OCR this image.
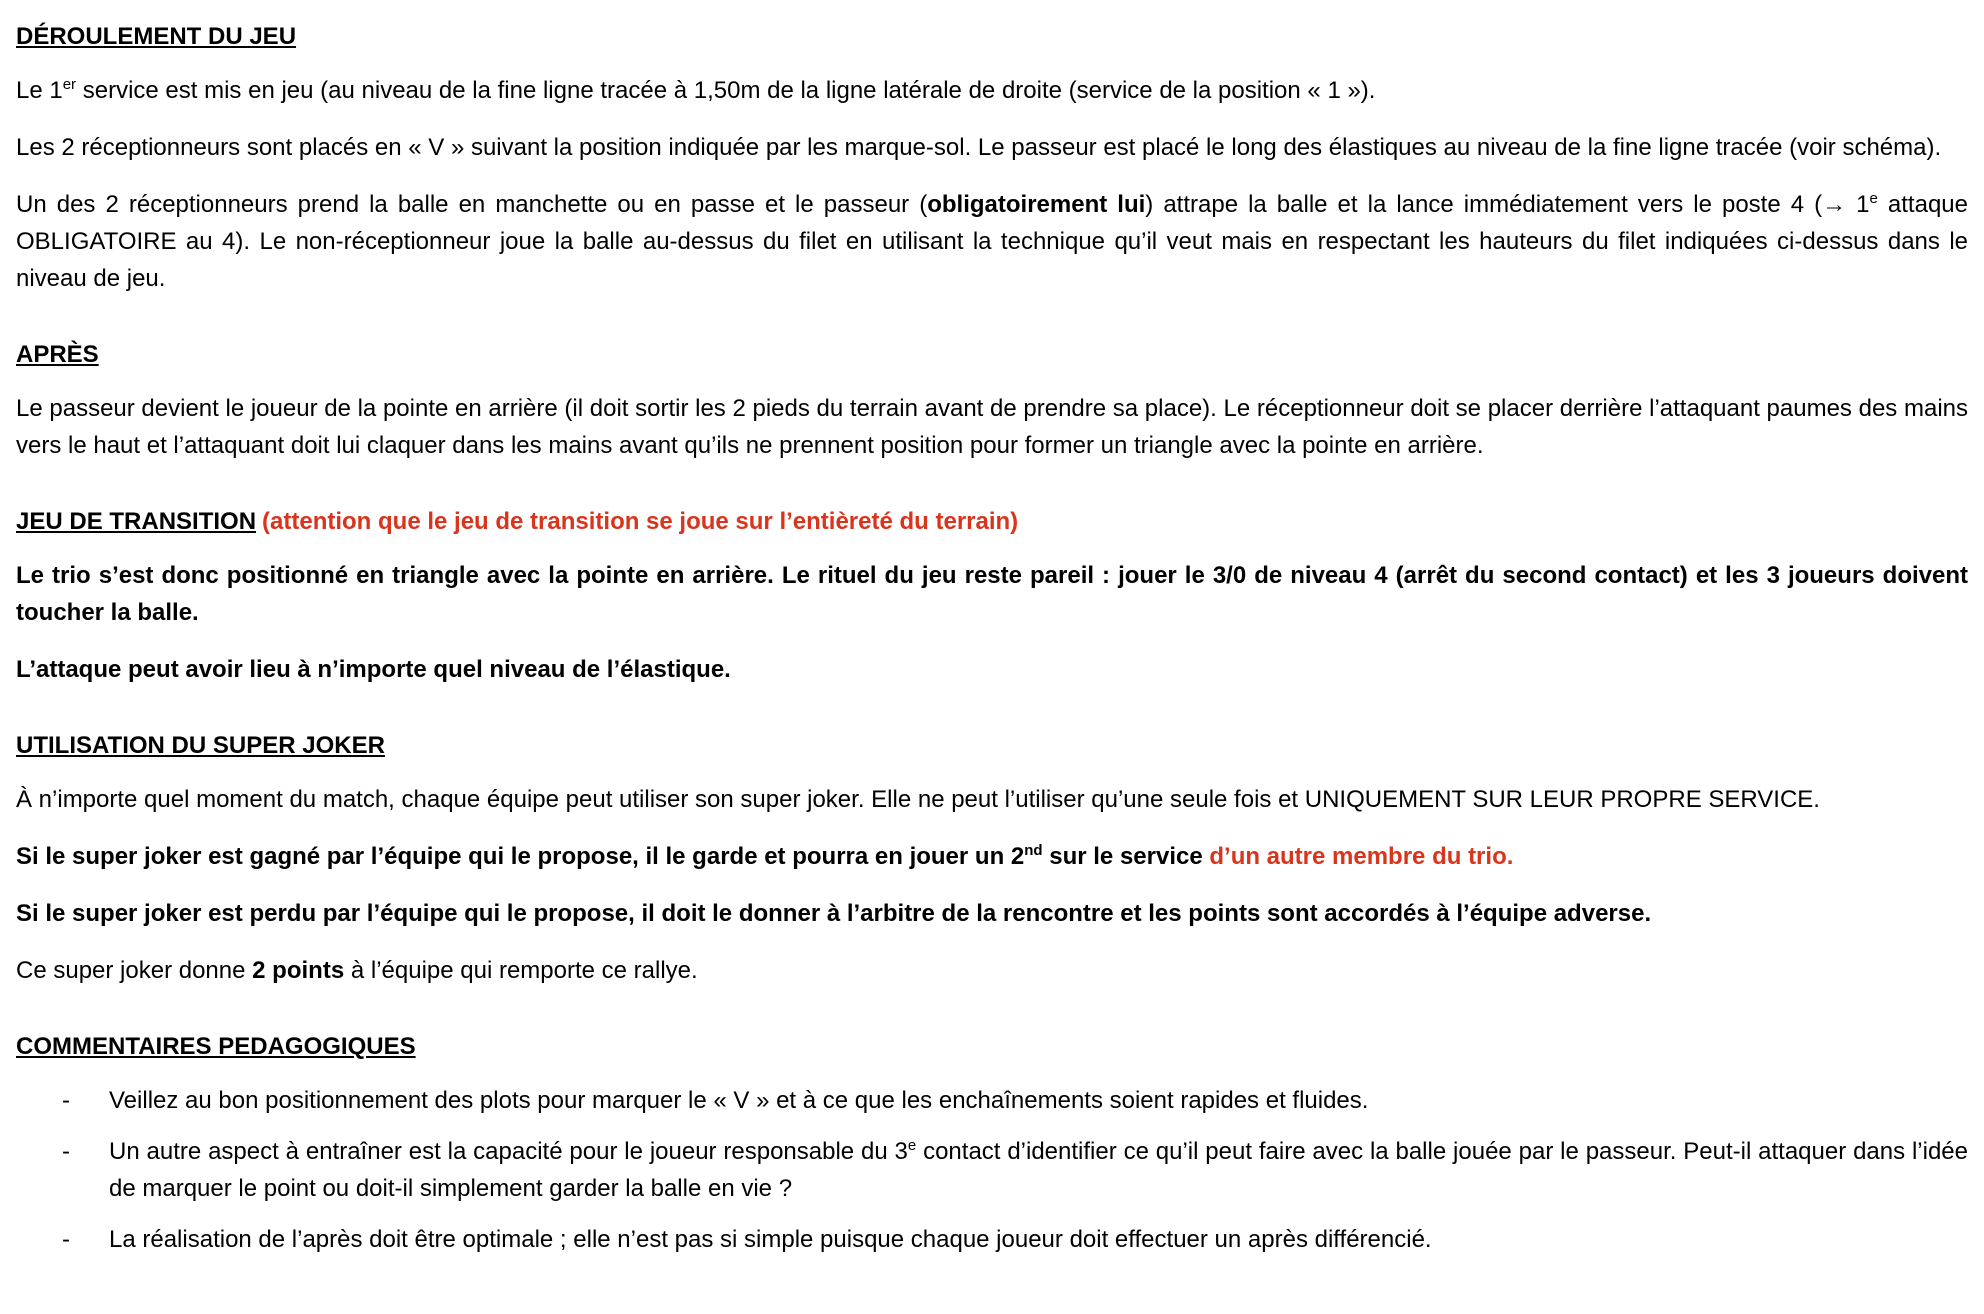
DÉROULEMENT DU JEU

Le 1er service est mis en jeu (au niveau de la fine ligne tracée à 1,50m de la ligne latérale de droite (service de la position « 1 »).

Les 2 réceptionneurs sont placés en « V » suivant la position indiquée par les marque-sol. Le passeur est placé le long des élastiques au niveau de la fine ligne tracée (voir schéma).

Un des 2 réceptionneurs prend la balle en manchette ou en passe et le passeur (obligatoirement lui) attrape la balle et la lance immédiatement vers le poste 4 (→ $1^e$ attaque OBLIGATOIRE au 4). Le non-réceptionneur joue la balle au-dessus du filet en utilisant la technique qu’il veut mais en respectant les hauteurs du filet indiquées ci-dessus dans le niveau de jeu.

APRÈS

Le passeur devient le joueur de la pointe en arrière (il doit sortir les 2 pieds du terrain avant de prendre sa place). Le réceptionneur doit se placer derrière l’attaquant paumes des mains vers le haut et l’attaquant doit lui claquer dans les mains avant qu’ils ne prennent position pour former un triangle avec la pointe en arrière.

JEU DE TRANSITION (attention que le jeu de transition se joue sur l’entièreté du terrain)

Le trio s’est donc positionné en triangle avec la pointe en arrière. Le rituel du jeu reste pareil : jouer le 3/0 de niveau 4 (arrêt du second contact) et les 3 joueurs doivent toucher la balle.

L’attaque peut avoir lieu à n’importe quel niveau de l’élastique.

UTILISATION DU SUPER JOKER

À n’importe quel moment du match, chaque équipe peut utiliser son super joker. Elle ne peut l’utiliser qu’une seule fois et UNIQUEMENT SUR LEUR PROPRE SERVICE.

Si le super joker est gagné par l’équipe qui le propose, il le garde et pourra en jouer un 2nd sur le service d’un autre membre du trio.

Si le super joker est perdu par l’équipe qui le propose, il doit le donner à l’arbitre de la rencontre et les points sont accordés à l’équipe adverse.

Ce super joker donne 2 points à l’équipe qui remporte ce rallye.

COMMENTAIRES PEDAGOGIQUES
- Veillez au bon positionnement des plots pour marquer le « V » et à ce que les enchaînements soient rapides et fluides.
- Un autre aspect à entraîner est la capacité pour le joueur responsable du 3e contact d’identifier ce qu’il peut faire avec la balle jouée par le passeur. Peut-il attaquer dans l’idée de marquer le point ou doit-il simplement garder la balle en vie ?
- La réalisation de l’après doit être optimale ; elle n’est pas si simple puisque chaque joueur doit effectuer un après différencié.
